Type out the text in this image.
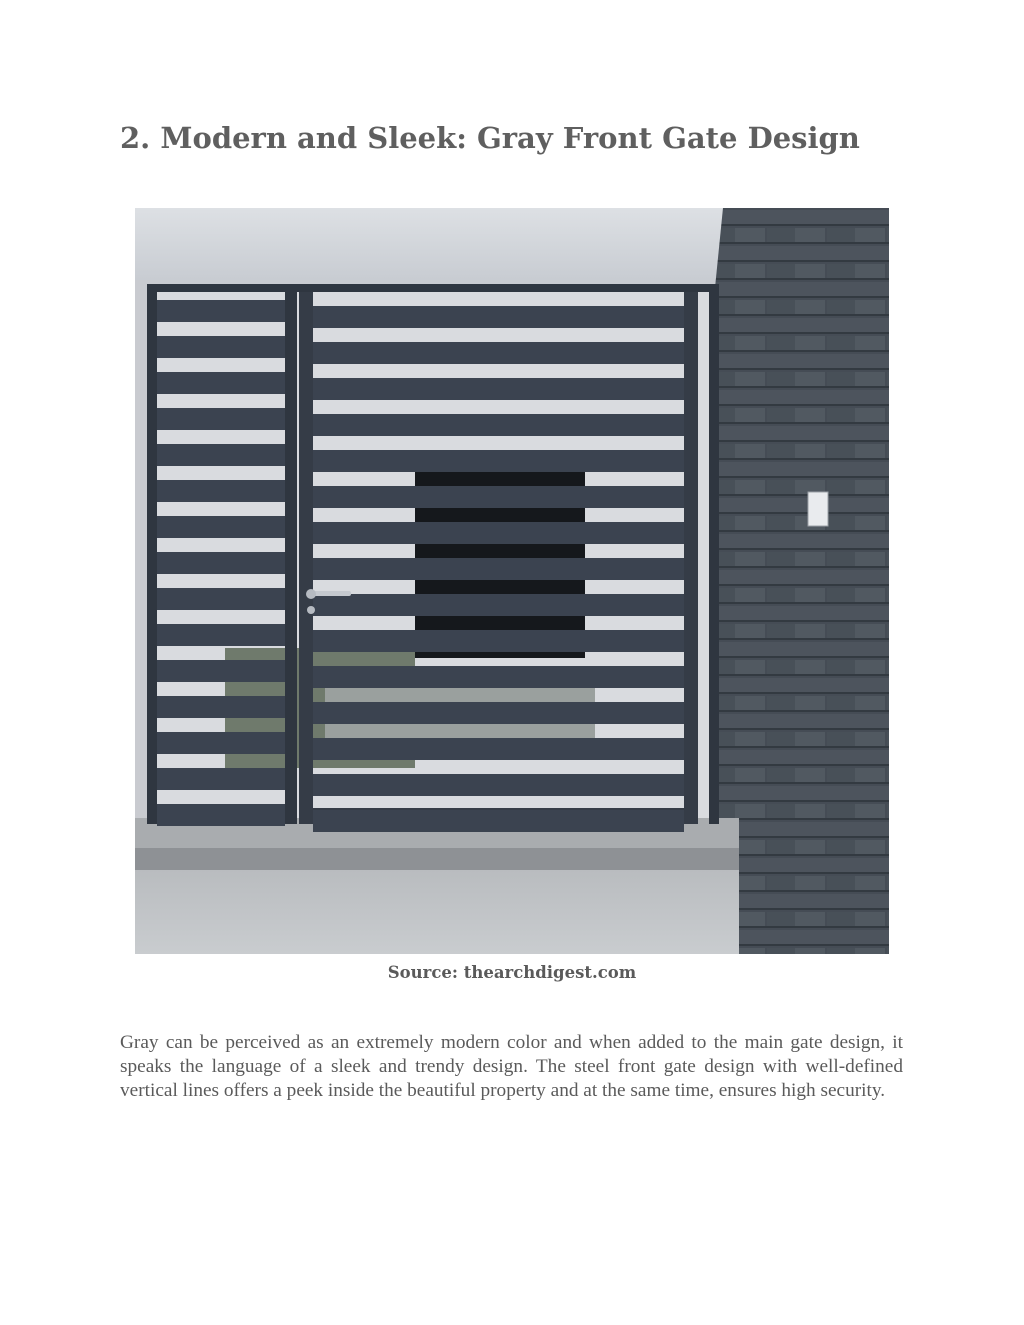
2. Modern and Sleek: Gray Front Gate Design
Source: thearchdigest.com

Gray can be perceived as an extremely modern color and when added to the main gate design, it speaks the language of a sleek and trendy design. The steel front gate design with well-defined vertical lines offers a peek inside the beautiful property and at the same time, ensures high security.
